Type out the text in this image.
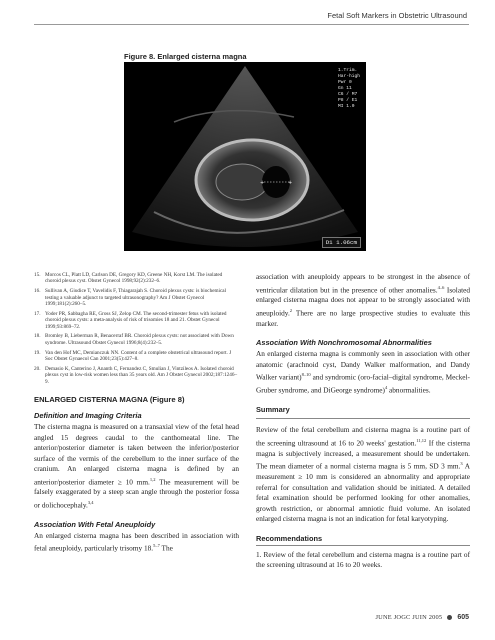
Fetal Soft Markers in Obstetric Ultrasound
Figure 8. Enlarged cisterna magna
+	+
1.Trim.
Har-high
Pwr 0
Gn 11
C6 / M7
P8 / E1
MI 1.0
D1 1.06cm
15. Morcos CL, Platt LD, Carlson DE, Gregory KD, Greene NH, Korst LM. The isolated choroid plexus cyst. Obstet Gynecol 1998;92(2):232–6.
16. Sullivan A, Giudice T, Vavelidis F, Thiagarajah S. Choroid plexus cysts: is biochemical testing a valuable adjunct to targeted ultrasonography? Am J Obstet Gynecol 1999;181(2):260–5.
17. Yoder PR, Sabbagha RE, Gross SJ, Zelop CM. The second-trimester fetus with isolated choroid plexus cysts: a meta-analysis of risk of trisomies 18 and 21. Obstet Gynecol 1999;93:869–72.
18. Bromley B, Lieberman R, Benacerraf BR. Choroid plexus cysts: not associated with Down syndrome. Ultrasound Obstet Gynecol 1996;8(4):232–5.
19. Van den Hof MC, Demianczuk NN. Content of a complete obstetrical ultrasound report. J Soc Obstet Gynaecol Can 2001;23(5):427–8.
20. Demasio K, Canterino J, Ananth C, Fernandez C, Smulian J, Vintzileos A. Isolated choroid plexus cyst in low-risk women less than 35 years old. Am J Obstet Gynecol 2002;187:1246–9.
ENLARGED CISTERNA MAGNA (Figure 8)
Definition and Imaging Criteria

The cisterna magna is measured on a transaxial view of the fetal head angled 15 degrees caudal to the canthomeatal line. The anterior/posterior diameter is taken between the inferior/posterior surface of the vermis of the cerebellum to the inner surface of the cranium. An enlarged cisterna magna is defined by an anterior/posterior diameter ≥ 10 mm.$^{1,2}$ The measurement will be falsely exaggerated by a steep scan angle through the posterior fossa or dolichocephaly.$^{3,4}$

Association With Fetal Aneuploidy

An enlarged cisterna magna has been described in association with fetal aneuploidy, particularly trisomy 18.$^{5-7}$ The

association with aneuploidy appears to be strongest in the absence of ventricular dilatation but in the presence of other anomalies.$^{4-6}$ Isolated enlarged cisterna magna does not appear to be strongly associated with aneuploidy.$^2$ There are no large prospective studies to evaluate this marker.

Association With Nonchromosomal Abnormalities

An enlarged cisterna magna is commonly seen in association with other anatomic (arachnoid cyst, Dandy Walker malformation, and Dandy Walker variant)$^{8-10}$ and syndromic (oro-facial–digital syndrome, Meckel-Gruber syndrome, and DiGeorge syndrome)$^4$ abnormalities.

Summary

Review of the fetal cerebellum and cisterna magna is a routine part of the screening ultrasound at 16 to 20 weeks' gestation.$^{11,12}$ If the cisterna magna is subjectively increased, a measurement should be undertaken. The mean diameter of a normal cisterna magna is 5 mm, SD 3 mm.$^3$ A measurement ≥ 10 mm is considered an abnormality and appropriate referral for consultation and validation should be initiated. A detailed fetal examination should be performed looking for other anomalies, growth restriction, or abnormal amniotic fluid volume. An isolated enlarged cisterna magna is not an indication for fetal karyotyping.

Recommendations

1. Review of the fetal cerebellum and cisterna magna is a routine part of the screening ultrasound at 16 to 20 weeks.

JUNE JOGC JUIN 2005 605
